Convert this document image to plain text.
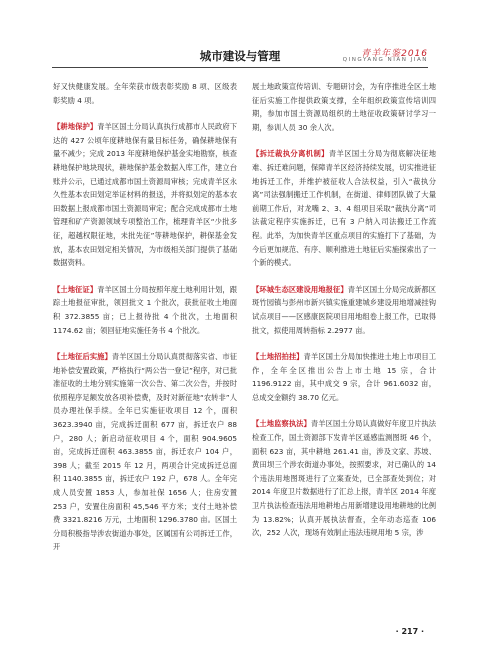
城市建设与管理	青羊年鉴2016
QINGYANG NIAN JIAN

好又快健康发展。全年荣获市级表彰奖励 8 项、区级表彰奖励 4 项。

【耕地保护】青羊区国土分局认真执行成都市人民政府下达的 427 公顷年度耕地保有量目标任务，确保耕地保有量不减少；完成 2013 年度耕地保护基金实地勘察，核查耕地保护地块现状，耕地保护基金数据入库工作，建立台账并公示，已通过成都市国土资源局审核；完成青羊区永久性基本农田划定举证材料的报送，并将拟划定的基本农田数据上报成都市国土资源局审定；配合完成成都市土地管理和矿产资源领域专项整治工作，梳理青羊区“少批多征，超越权限征地，未批先征”等耕地保护，耕保基金发放，基本农田划定相关情况，为市级相关部门提供了基础数据资料。

【土地征证】青羊区国土分局按照年度土地利用计划，跟踪土地报征审批，领回批文 1 个批次，获批征收土地面积 372.3855 亩；已上报待批 4 个批次，土地面积 1174.62 亩；领回征地实施任务书 4 个批次。

【土地征后实施】青羊区国土分局认真贯彻落实省、市征地补偿安置政策，严格执行“两公告一登记”程序，对已批准征收的土地分别实施第一次公告、第二次公告，并按时依照程序足额发放各项补偿费，及时对新征地“农转非”人员办理社保手续。全年已实施征收项目 12 个，面积 3623.3940 亩，完成拆迁面积 677 亩，拆迁农户 88 户，280 人；新启动征收项目 4 个，面积 904.9605 亩，完成拆迁面积 463.3855 亩，拆迁农户 104 户，398 人；截至 2015 年 12 月，两项合计完成拆迁总面积 1140.3855 亩，拆迁农户 192 户，678 人。全年完成人员安置 1853 人，参加社保 1656 人；住房安置 253 户，安置住房面积 45,546 平方米；支付土地补偿费 3321.8216 万元，土地面积 1296.3780 亩。区国土分局积极指导涉农街道办事处，区属国有公司拆迁工作，开

展土地政策宣传培训、专题研讨会，为有序推进全区土地征后实施工作提供政策支撑，全年组织政策宣传培训四期，参加市国土资源局组织的土地征收政策研讨学习一期，参训人员 30 余人次。

【拆迁裁执分离机制】青羊区国土分局为彻底解决征地难、拆迁难问题，保障青羊区经济持续发展，切实推进征地拆迁工作，并维护被征收人合法权益，引入“裁执分离”司法强制搬迁工作机制，在街道、律师团队做了大量前期工作后，对龙嘴 2、3、4 组项目采取“裁执分离”司法裁定程序实施拆迁，已有 3 户纳入司法搬迁工作流程。此举，为加快青羊区重点项目的实施打下了基础，为今后更加规范、有序、顺利推进土地征后实施探索出了一个新的模式。

【环城生态区建设用地报征】青羊区国土分局完成新都区斑竹园镇与彭州市新兴镇实施重建城乡建设用地增减挂钩试点项目——区感康医院项目用地组卷上报工作，已取得批文，拟使用周转指标 2.2977 亩。

【土地招拍挂】青羊区国土分局加快推进土地上市项目工作，全年全区推出公告上市土地 15 宗，合计 1196.9122 亩，其中成交 9 宗，合计 961.6032 亩，总成交金额约 38.70 亿元。

【土地监察执法】青羊区国土分局认真做好年度卫片执法检查工作，国土资源部下发青羊区遥感监测图斑 46 个，面积 623 亩，其中耕地 261.41 亩，涉及文家、苏坡、黄田坝三个涉农街道办事处，按照要求，对已确认的 14 个违法用地图斑进行了立案查处，已全部查处到位；对 2014 年度卫片数据进行了汇总上报，青羊区 2014 年度卫片执法检查违法用地耕地占用新增建设用地耕地的比例为 13.82%；认真开展执法督查，全年动态巡查 106 次，252 人次，现场有效制止违法违规用地 5 宗，涉

· 217 ·
